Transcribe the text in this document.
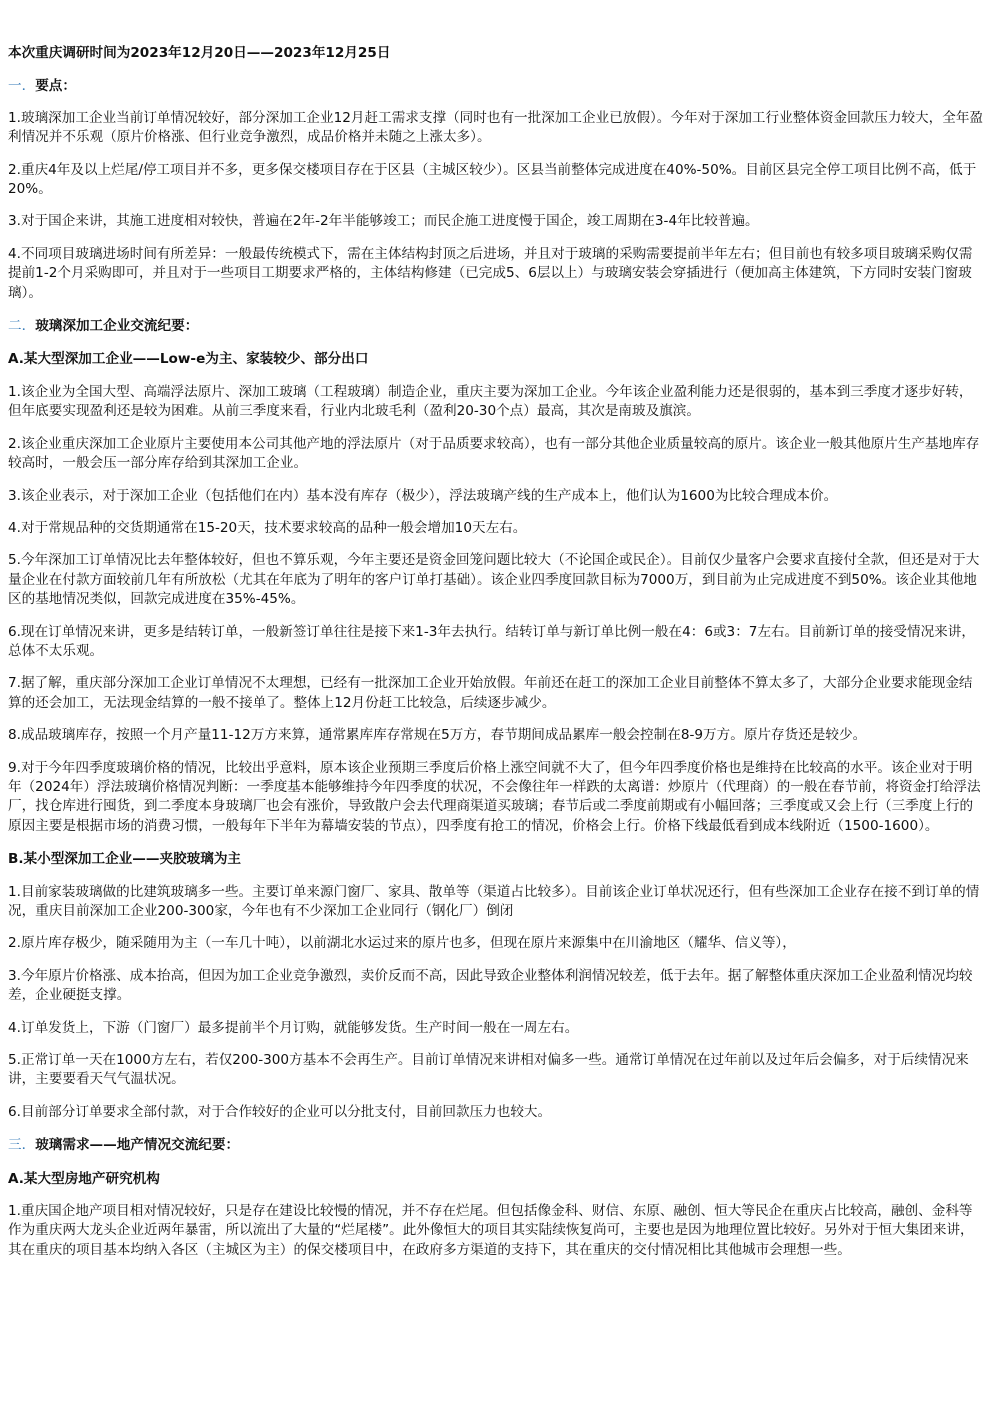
本次重庆调研时间为2023年12月20日——2023年12月25日
一．要点：

1.玻璃深加工企业当前订单情况较好，部分深加工企业12月赶工需求支撑（同时也有一批深加工企业已放假）。今年对于深加工行业整体资金回款压力较大，全年盈利情况并不乐观（原片价格涨、但行业竞争激烈，成品价格并未随之上涨太多）。

2.重庆4年及以上烂尾/停工项目并不多，更多保交楼项目存在于区县（主城区较少）。区县当前整体完成进度在40%-50%。目前区县完全停工项目比例不高，低于20%。

3.对于国企来讲，其施工进度相对较快，普遍在2年-2年半能够竣工；而民企施工进度慢于国企，竣工周期在3-4年比较普遍。

4.不同项目玻璃进场时间有所差异：一般最传统模式下，需在主体结构封顶之后进场，并且对于玻璃的采购需要提前半年左右；但目前也有较多项目玻璃采购仅需提前1-2个月采购即可，并且对于一些项目工期要求严格的，主体结构修建（已完成5、6层以上）与玻璃安装会穿插进行（便加高主体建筑，下方同时安装门窗玻璃）。

二．玻璃深加工企业交流纪要：
A.某大型深加工企业——Low-e为主、家装较少、部分出口

1.该企业为全国大型、高端浮法原片、深加工玻璃（工程玻璃）制造企业，重庆主要为深加工企业。今年该企业盈利能力还是很弱的，基本到三季度才逐步好转，但年底要实现盈利还是较为困难。从前三季度来看，行业内北玻毛利（盈利20-30个点）最高，其次是南玻及旗滨。

2.该企业重庆深加工企业原片主要使用本公司其他产地的浮法原片（对于品质要求较高），也有一部分其他企业质量较高的原片。该企业一般其他原片生产基地库存较高时，一般会压一部分库存给到其深加工企业。

3.该企业表示，对于深加工企业（包括他们在内）基本没有库存（极少），浮法玻璃产线的生产成本上，他们认为1600为比较合理成本价。

4.对于常规品种的交货期通常在15-20天，技术要求较高的品种一般会增加10天左右。

5.今年深加工订单情况比去年整体较好，但也不算乐观，今年主要还是资金回笼问题比较大（不论国企或民企）。目前仅少量客户会要求直接付全款，但还是对于大量企业在付款方面较前几年有所放松（尤其在年底为了明年的客户订单打基础）。该企业四季度回款目标为7000万，到目前为止完成进度不到50%。该企业其他地区的基地情况类似，回款完成进度在35%-45%。

6.现在订单情况来讲，更多是结转订单，一般新签订单往往是接下来1-3年去执行。结转订单与新订单比例一般在4：6或3：7左右。目前新订单的接受情况来讲，总体不太乐观。

7.据了解，重庆部分深加工企业订单情况不太理想，已经有一批深加工企业开始放假。年前还在赶工的深加工企业目前整体不算太多了，大部分企业要求能现金结算的还会加工，无法现金结算的一般不接单了。整体上12月份赶工比较急，后续逐步减少。

8.成品玻璃库存，按照一个月产量11-12万方来算，通常累库库存常规在5万方，春节期间成品累库一般会控制在8-9万方。原片存货还是较少。

9.对于今年四季度玻璃价格的情况，比较出乎意料，原本该企业预期三季度后价格上涨空间就不大了，但今年四季度价格也是维持在比较高的水平。该企业对于明年（2024年）浮法玻璃价格情况判断：一季度基本能够维持今年四季度的状况，不会像往年一样跌的太离谱：炒原片（代理商）的一般在春节前，将资金打给浮法厂，找仓库进行囤货，到二季度本身玻璃厂也会有涨价，导致散户会去代理商渠道买玻璃；春节后或二季度前期或有小幅回落；三季度或又会上行（三季度上行的原因主要是根据市场的消费习惯，一般每年下半年为幕墙安装的节点），四季度有抢工的情况，价格会上行。价格下线最低看到成本线附近（1500-1600）。

B.某小型深加工企业——夹胶玻璃为主

1.目前家装玻璃做的比建筑玻璃多一些。主要订单来源门窗厂、家具、散单等（渠道占比较多）。目前该企业订单状况还行，但有些深加工企业存在接不到订单的情况，重庆目前深加工企业200-300家，今年也有不少深加工企业同行（钢化厂）倒闭

2.原片库存极少，随采随用为主（一车几十吨），以前湖北水运过来的原片也多，但现在原片来源集中在川渝地区（耀华、信义等），

3.今年原片价格涨、成本抬高，但因为加工企业竞争激烈，卖价反而不高，因此导致企业整体利润情况较差，低于去年。据了解整体重庆深加工企业盈利情况均较差，企业硬挺支撑。

4.订单发货上，下游（门窗厂）最多提前半个月订购，就能够发货。生产时间一般在一周左右。

5.正常订单一天在1000方左右，若仅200-300方基本不会再生产。目前订单情况来讲相对偏多一些。通常订单情况在过年前以及过年后会偏多，对于后续情况来讲，主要要看天气气温状况。

6.目前部分订单要求全部付款，对于合作较好的企业可以分批支付，目前回款压力也较大。

三．玻璃需求——地产情况交流纪要：
A.某大型房地产研究机构

1.重庆国企地产项目相对情况较好，只是存在建设比较慢的情况，并不存在烂尾。但包括像金科、财信、东原、融创、恒大等民企在重庆占比较高，融创、金科等作为重庆两大龙头企业近两年暴雷，所以流出了大量的“烂尾楼”。此外像恒大的项目其实陆续恢复尚可，主要也是因为地理位置比较好。另外对于恒大集团来讲，其在重庆的项目基本均纳入各区（主城区为主）的保交楼项目中，在政府多方渠道的支持下，其在重庆的交付情况相比其他城市会理想一些。
